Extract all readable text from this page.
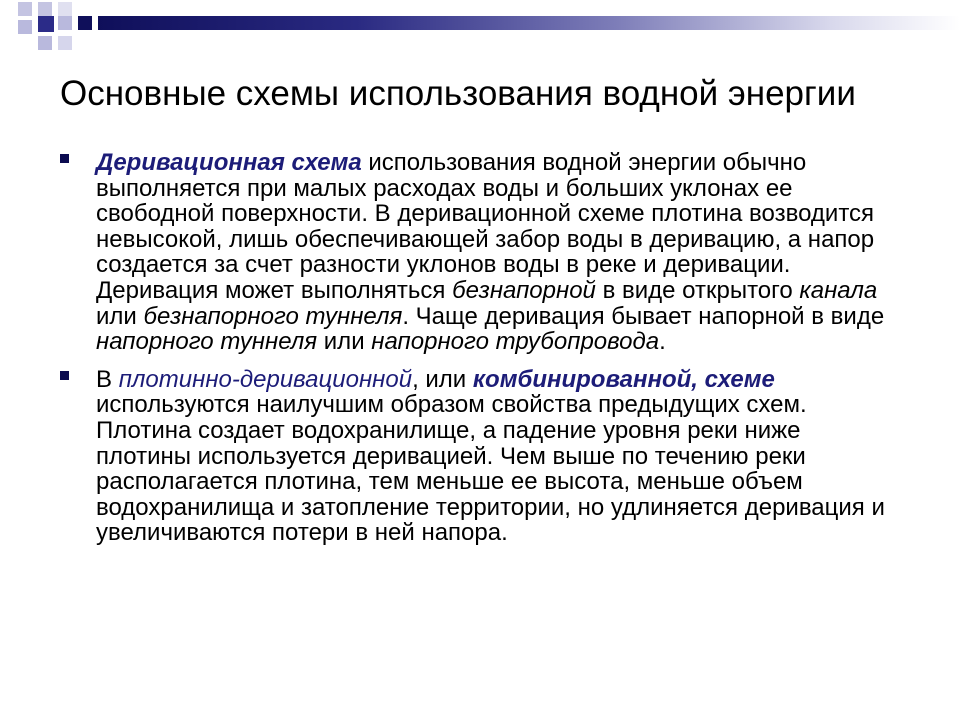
Основные схемы использования водной энергии
Деривационная схема использования водной энергии обычно выполняется при малых расходах воды и больших уклонах ее свободной поверхности. В деривационной схеме плотина возводится невысокой, лишь обеспечивающей забор воды в деривацию, а напор создается за счет разности уклонов воды в реке и деривации. Деривация может выполняться безнапорной в виде открытого канала или безнапорного туннеля. Чаще деривация бывает напорной в виде напорного туннеля или напорного трубопровода.
В плотинно-деривационной, или комбинированной, схеме используются наилучшим образом свойства предыдущих схем. Плотина создает водохранилище, а падение уровня реки ниже плотины используется деривацией. Чем выше по течению реки располагается плотина, тем меньше ее высота, меньше объем водохранилища и затопление территории, но удлиняется деривация и увеличиваются потери в ней напора.
